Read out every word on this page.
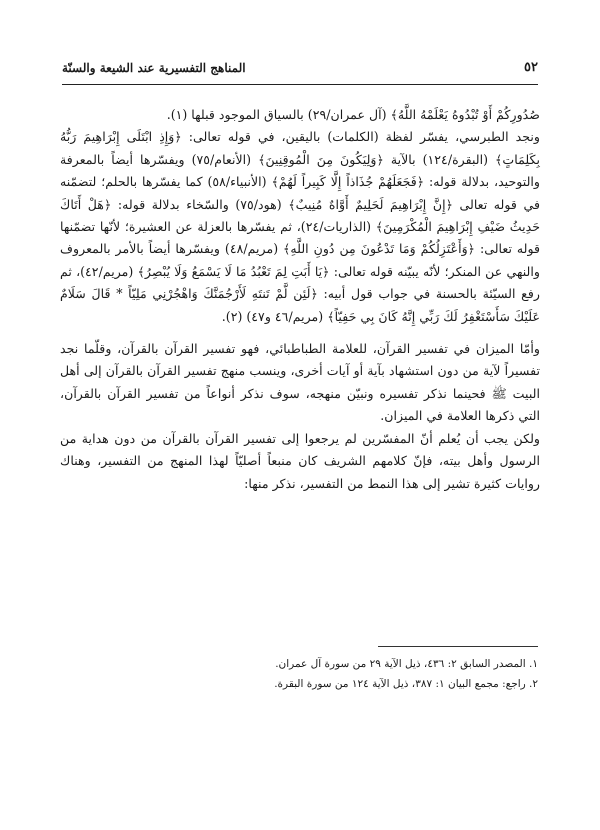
٥٢
المناهج التفسيرية عند الشيعة والسنّة

صُدُورِكُمْ أَوْ تُبْدُوهُ يَعْلَمْهُ اللَّهُ﴾ (آل عمران/٢٩) بالسياق الموجود قبلها (١).

ونجد الطبرسي، يفسّر لفظة (الكلمات) باليقين، في قوله تعالى: ﴿وَإِذِ ابْتَلَى إِبْرَاهِيمَ رَبُّهُ بِكَلِمَاتٍ﴾ (البقرة/١٢٤) بالآية ﴿وَلِيَكُونَ مِنَ الْمُوقِنِينَ﴾ (الأنعام/٧٥) ويفسّرها أيضاً بالمعرفة والتوحيد، بدلالة قوله: ﴿فَجَعَلَهُمْ جُذَاذاً إِلَّا كَبِيراً لَهُمْ﴾ (الأنبياء/٥٨) كما يفسّرها بالحلم؛ لتضمّنه في قوله تعالى ﴿إِنَّ إِبْرَاهِيمَ لَحَلِيمٌ أَوَّاهٌ مُنِيبٌ﴾ (هود/٧٥) والسّخاء بدلالة قوله: ﴿هَلْ أَتَاكَ حَدِيثُ ضَيْفِ إِبْرَاهِيمَ الْمُكْرَمِينَ﴾ (الذاريات/٢٤)، ثم يفسّرها بالعزلة عن العشيرة؛ لأنّها تضمّنها قوله تعالى: ﴿وَأَعْتَزِلُكُمْ وَمَا تَدْعُونَ مِن دُونِ اللَّهِ﴾ (مريم/٤٨) ويفسّرها أيضاً بالأمر بالمعروف والنهي عن المنكر؛ لأنّه يبيّنه قوله تعالى: ﴿يَا أَبَتِ لِمَ تَعْبُدُ مَا لَا يَسْمَعُ وَلَا يُبْصِرُ﴾ (مريم/٤٢)، ثم رفع السيّئة بالحسنة في جواب قول أبيه: ﴿لَئِن لَّمْ تَنتَهِ لَأَرْجُمَنَّكَ وَاهْجُرْنِي مَلِيّاً * قَالَ سَلَامٌ عَلَيْكَ سَأَسْتَغْفِرُ لَكَ رَبِّي إِنَّهُ كَانَ بِي حَفِيّاً﴾ (مريم/٤٦ و٤٧) (٢).

وأمّا الميزان في تفسير القرآن، للعلامة الطباطبائي، فهو تفسير القرآن بالقرآن، وقلّما نجد تفسيراً لآية من دون استشهاد بآية أو آيات أخرى، وينسب منهج تفسير القرآن بالقرآن إلى أهل البيت ﷺ فحينما نذكر تفسيره ونبيّن منهجه، سوف نذكر أنواعاً من تفسير القرآن بالقرآن، التي ذكرها العلامة في الميزان.

ولكن يجب أن يُعلم أنّ المفسّرين لم يرجعوا إلى تفسير القرآن بالقرآن من دون هداية من الرسول وأهل بيته، فإنّ كلامهم الشريف كان منبعاً أصليّاً لهذا المنهج من التفسير، وهناك روايات كثيرة تشير إلى هذا النمط من التفسير، نذكر منها:

١. المصدر السابق ٢: ٤٣٦، ذيل الآية ٢٩ من سورة آل عمران.

٢. راجع: مجمع البيان ١: ٣٨٧، ذيل الآية ١٢٤ من سورة البقرة.
